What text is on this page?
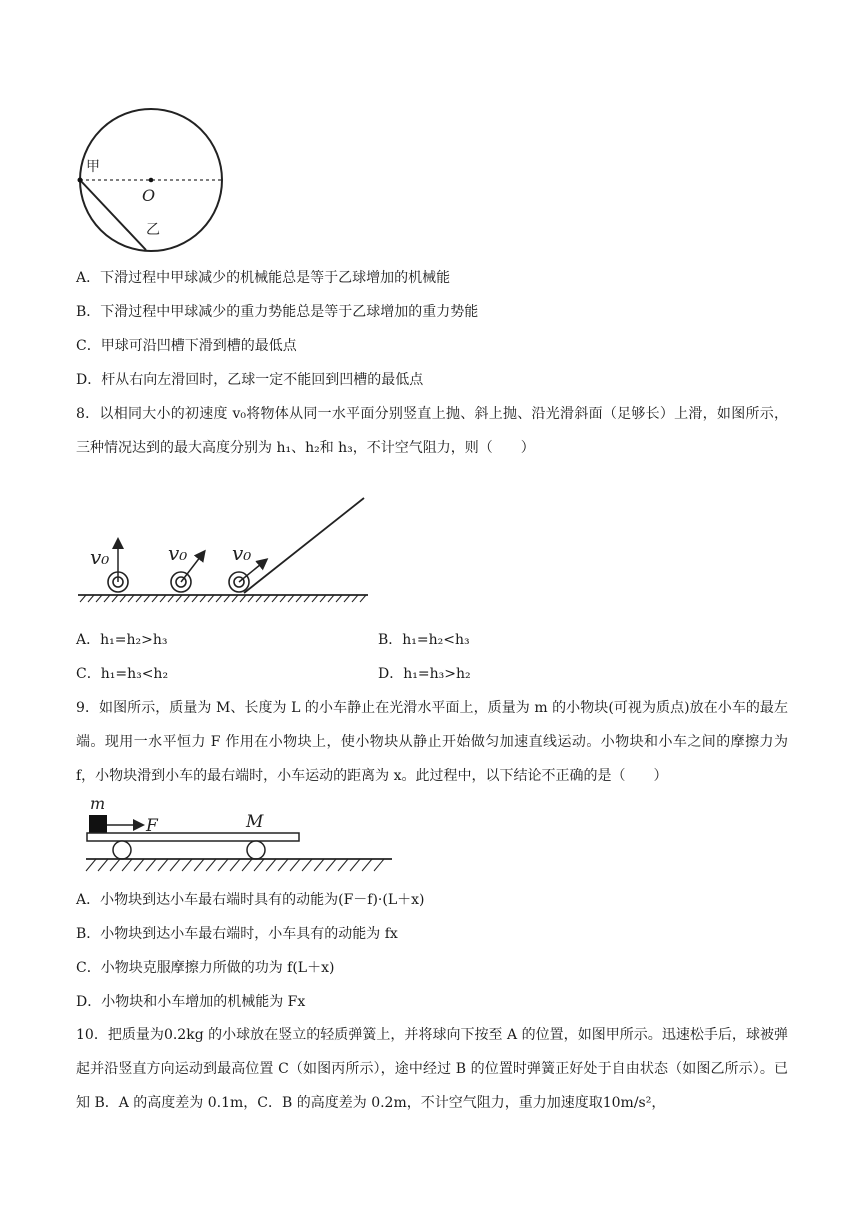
甲
O
乙
A．下滑过程中甲球减少的机械能总是等于乙球增加的机械能
B．下滑过程中甲球减少的重力势能总是等于乙球增加的重力势能
C．甲球可沿凹槽下滑到槽的最低点
D．杆从右向左滑回时，乙球一定不能回到凹槽的最低点
8．以相同大小的初速度 v₀将物体从同一水平面分别竖直上抛、斜上抛、沿光滑斜面（足够长）上滑，如图所示，三种情况达到的最大高度分别为 h₁、h₂和 h₃，不计空气阻力，则（　　）
v₀	v₀ v₀
A．h₁=h₂>h₃	B．h₁=h₂<h₃
C．h₁=h₃<h₂	D．h₁=h₃>h₂
9．如图所示，质量为 M、长度为 L 的小车静止在光滑水平面上，质量为 m 的小物块(可视为质点)放在小车的最左端。现用一水平恒力 F 作用在小物块上，使小物块从静止开始做匀加速直线运动。小物块和小车之间的摩擦力为 f，小物块滑到小车的最右端时，小车运动的距离为 x。此过程中，以下结论不正确的是（　　）
m
F	M
A．小物块到达小车最右端时具有的动能为(F－f)·(L＋x)
B．小物块到达小车最右端时，小车具有的动能为 fx
C．小物块克服摩擦力所做的功为 f(L＋x)
D．小物块和小车增加的机械能为 Fx
10．把质量为0.2kg 的小球放在竖立的轻质弹簧上，并将球向下按至 A 的位置，如图甲所示。迅速松手后，球被弹起并沿竖直方向运动到最高位置 C（如图丙所示），途中经过 B 的位置时弹簧正好处于自由状态（如图乙所示）。已知 B．A 的高度差为 0.1m，C．B 的高度差为 0.2m，不计空气阻力，重力加速度取10m/s²，
